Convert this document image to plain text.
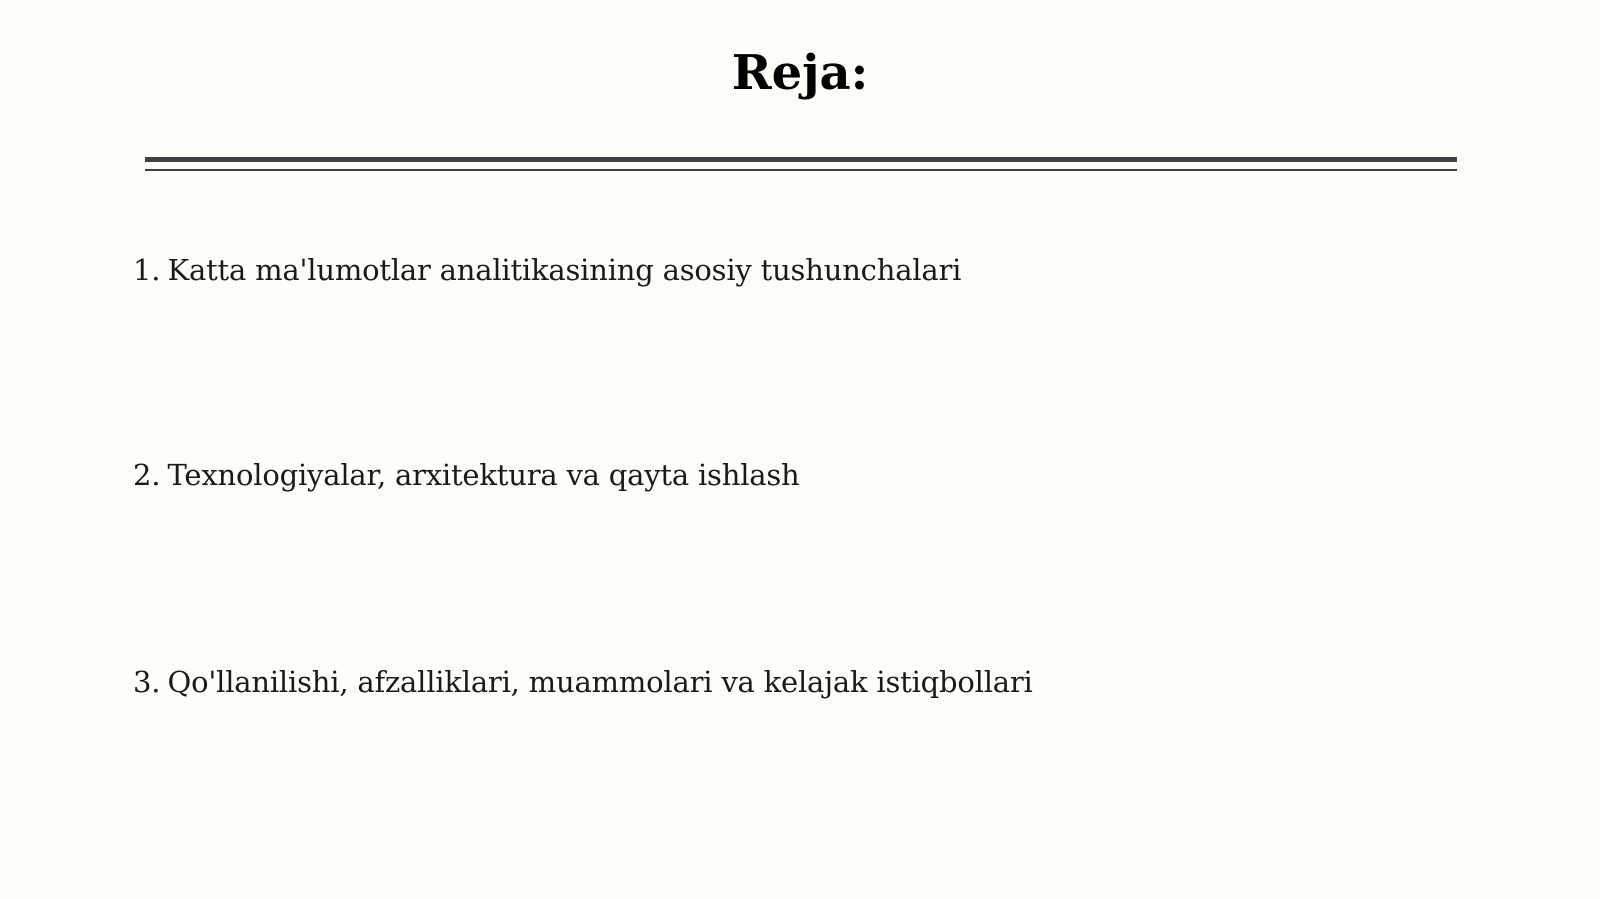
Reja:
1. Katta ma'lumotlar analitikasining asosiy tushunchalari
2. Texnologiyalar, arxitektura va qayta ishlash
3. Qo'llanilishi, afzalliklari, muammolari va kelajak istiqbollari
